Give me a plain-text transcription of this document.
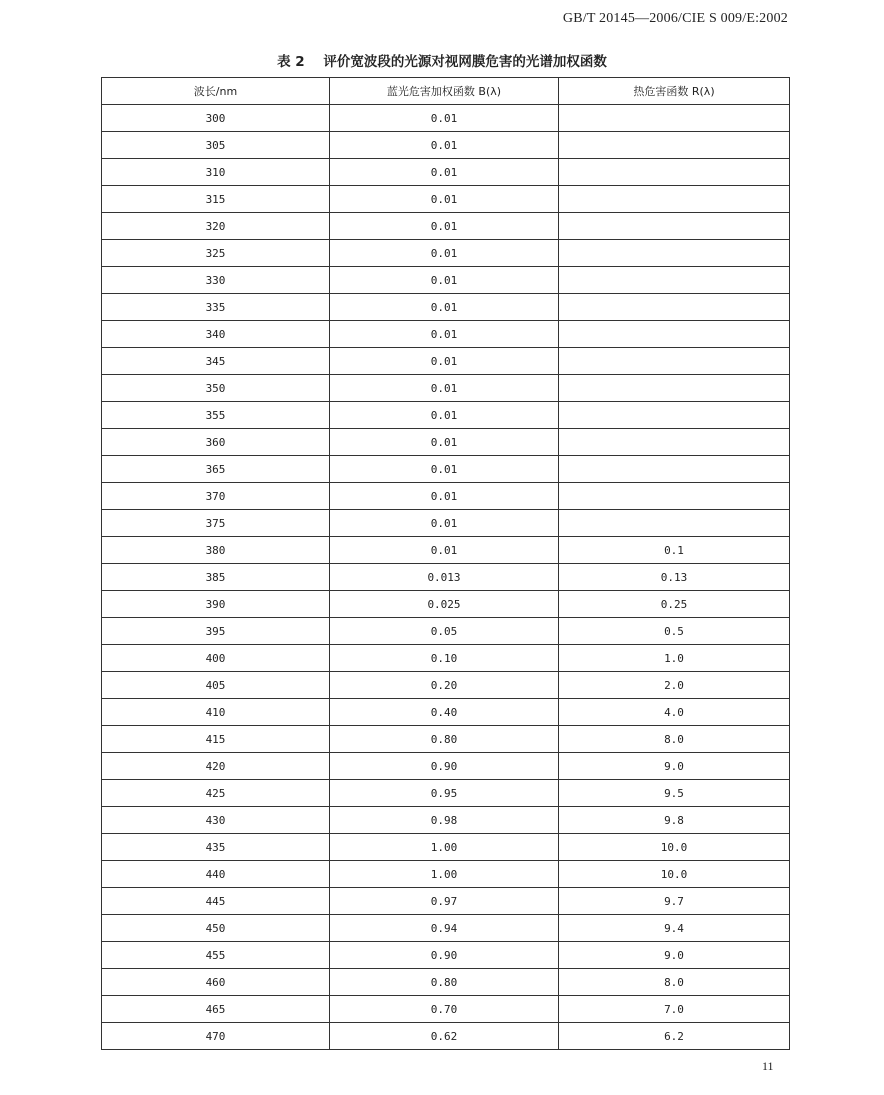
GB/T 20145—2006/CIE S 009/E:2002
表 2 评价宽波段的光源对视网膜危害的光谱加权函数
波长/nm	蓝光危害加权函数 B(λ)	热危害函数 R(λ)
300	0.01	
305	0.01	
310	0.01	
315	0.01	
320	0.01	
325	0.01	
330	0.01	
335	0.01	
340	0.01	
345	0.01	
350	0.01	
355	0.01	
360	0.01	
365	0.01	
370	0.01	
375	0.01	
380	0.01	0.1
385	0.013	0.13
390	0.025	0.25
395	0.05	0.5
400	0.10	1.0
405	0.20	2.0
410	0.40	4.0
415	0.80	8.0
420	0.90	9.0
425	0.95	9.5
430	0.98	9.8
435	1.00	10.0
440	1.00	10.0
445	0.97	9.7
450	0.94	9.4
455	0.90	9.0
460	0.80	8.0
465	0.70	7.0
470	0.62	6.2
11
